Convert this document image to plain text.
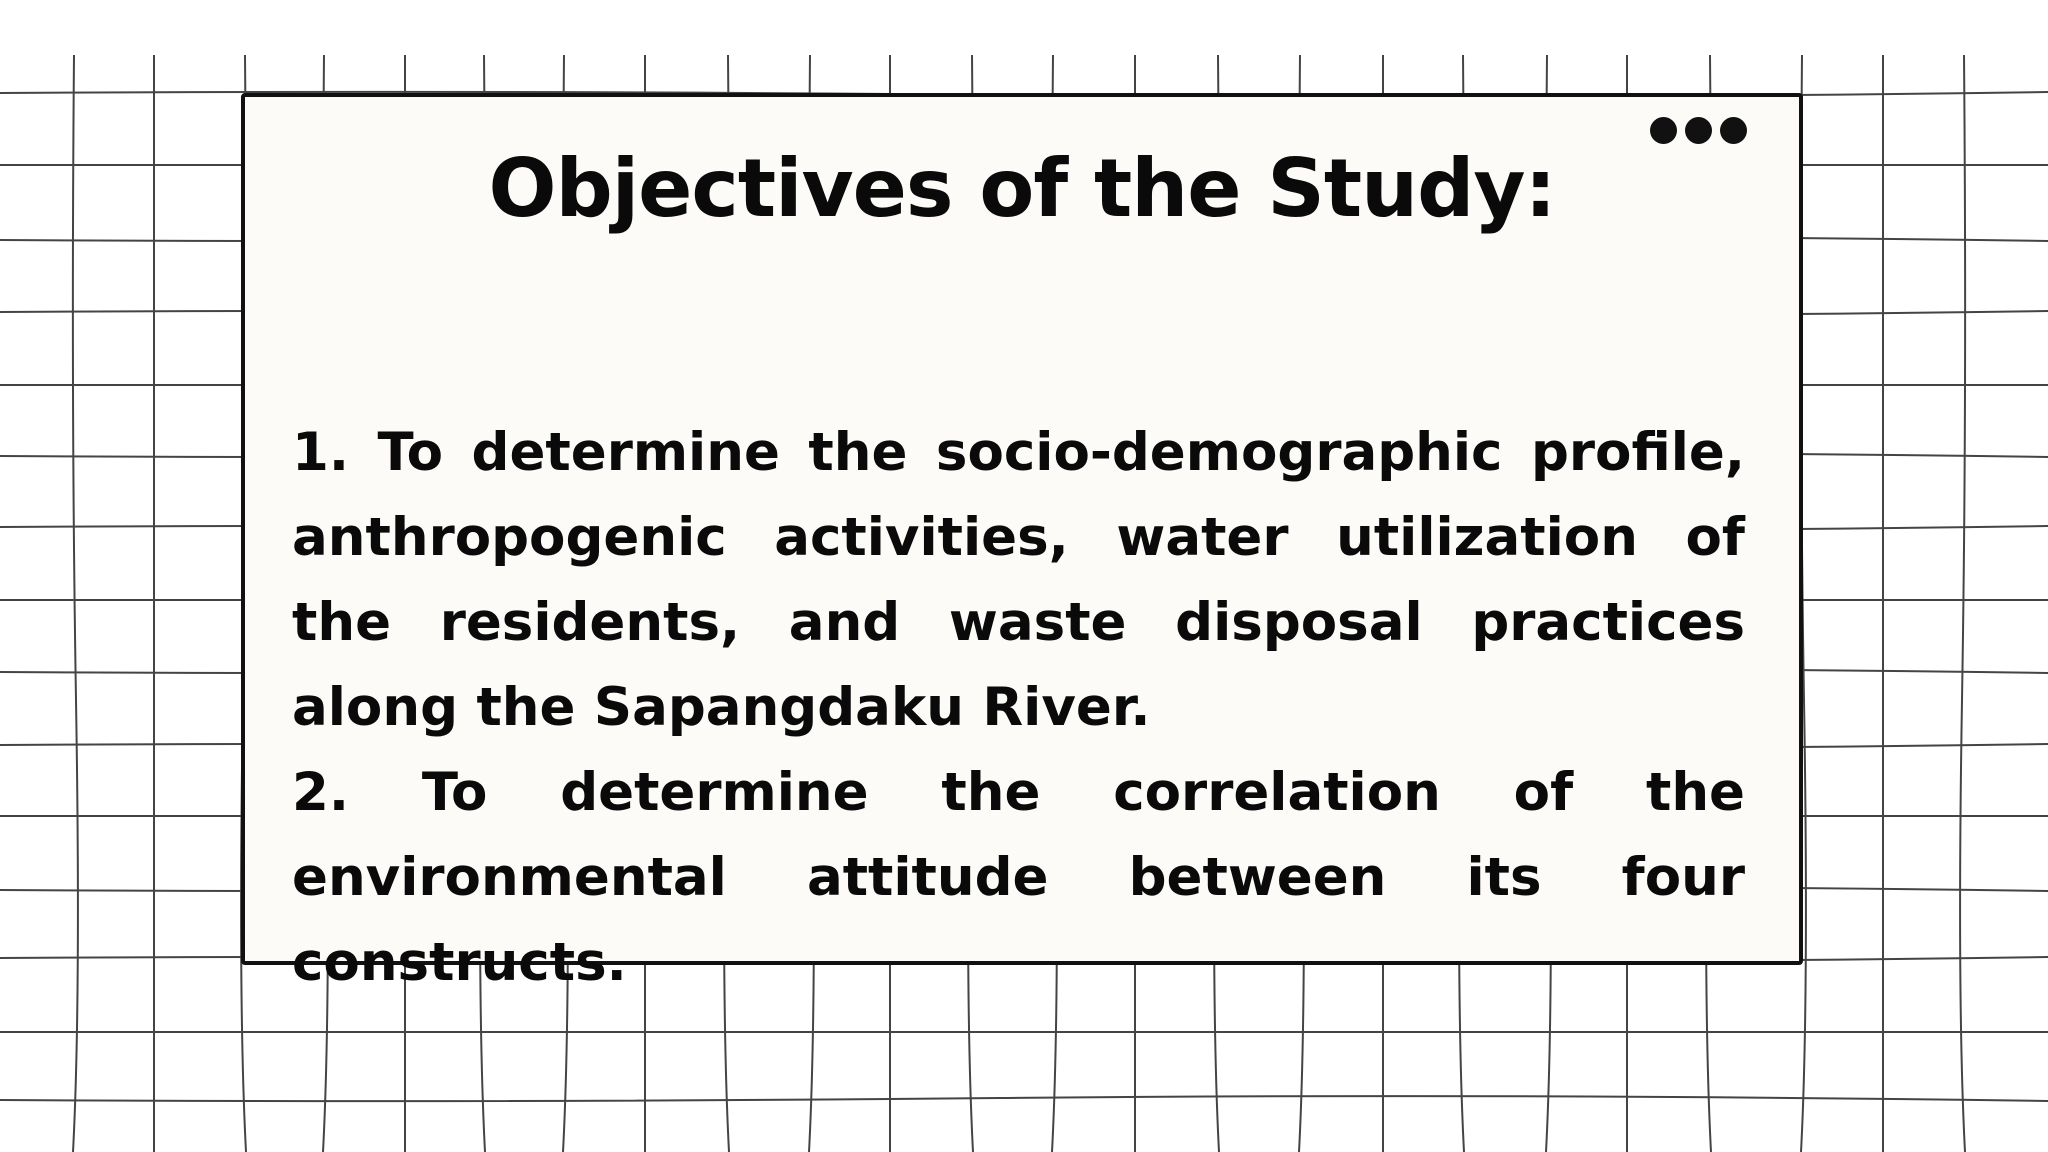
Objectives of the Study:

1. To determine the socio-demographic profile, anthropogenic activities, water utilization of the residents, and waste disposal practices along the Sapangdaku River.

2. To determine the correlation of the environmental attitude between its four constructs.
